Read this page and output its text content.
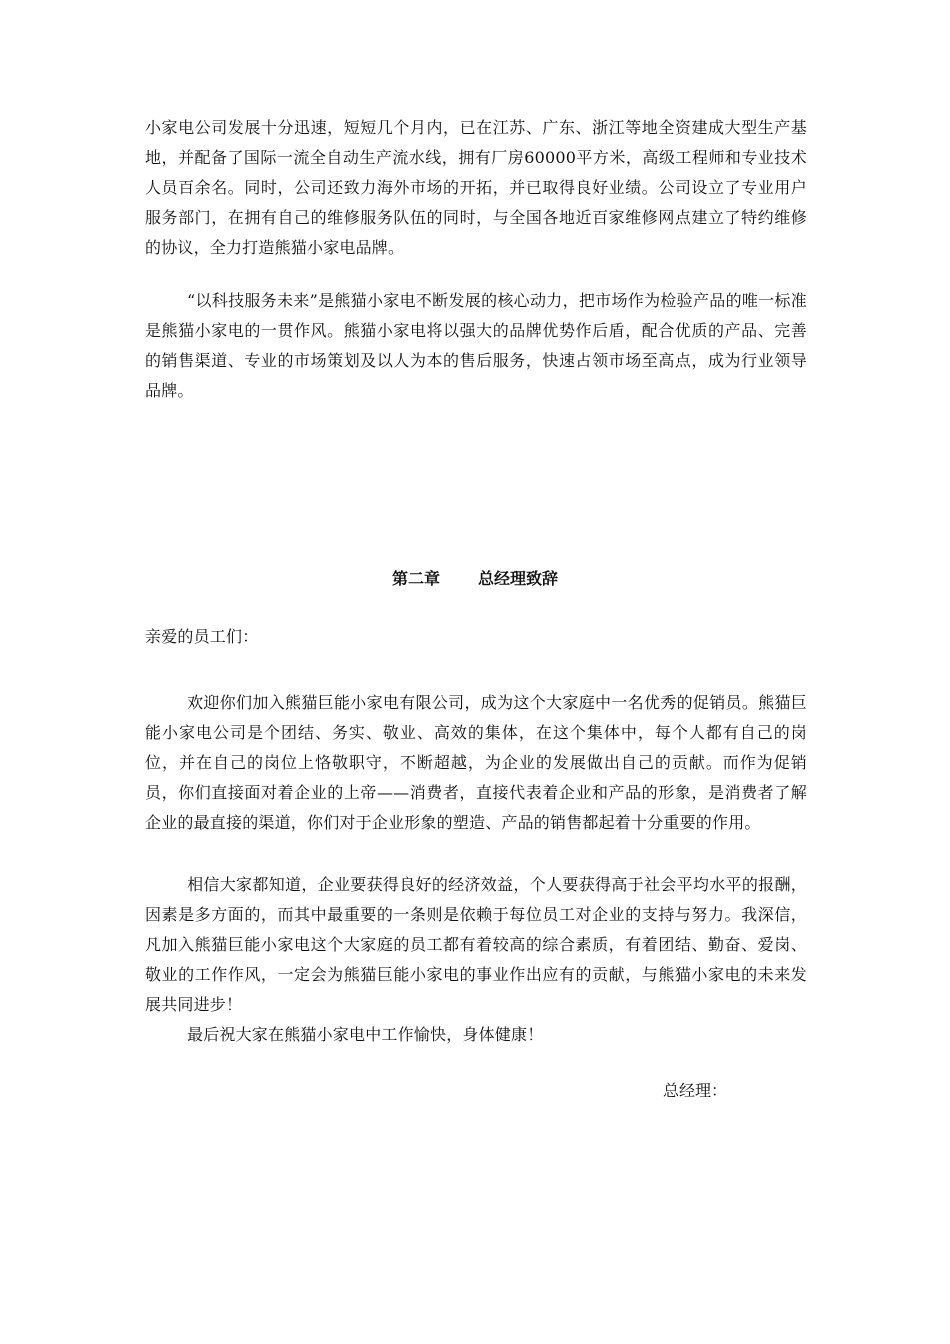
小家电公司发展十分迅速，短短几个月内，已在江苏、广东、浙江等地全资建成大型生产基地，并配备了国际一流全自动生产流水线，拥有厂房60000平方米，高级工程师和专业技术人员百余名。同时，公司还致力海外市场的开拓，并已取得良好业绩。公司设立了专业用户服务部门，在拥有自己的维修服务队伍的同时，与全国各地近百家维修网点建立了特约维修的协议，全力打造熊猫小家电品牌。

“以科技服务未来”是熊猫小家电不断发展的核心动力，把市场作为检验产品的唯一标准是熊猫小家电的一贯作风。熊猫小家电将以强大的品牌优势作后盾，配合优质的产品、完善的销售渠道、专业的市场策划及以人为本的售后服务，快速占领市场至高点，成为行业领导品牌。

第二章 总经理致辞

亲爱的员工们：

欢迎你们加入熊猫巨能小家电有限公司，成为这个大家庭中一名优秀的促销员。熊猫巨能小家电公司是个团结、务实、敬业、高效的集体，在这个集体中，每个人都有自己的岗位，并在自己的岗位上恪敬职守，不断超越，为企业的发展做出自己的贡献。而作为促销员，你们直接面对着企业的上帝——消费者，直接代表着企业和产品的形象，是消费者了解企业的最直接的渠道，你们对于企业形象的塑造、产品的销售都起着十分重要的作用。

相信大家都知道，企业要获得良好的经济效益，个人要获得高于社会平均水平的报酬，因素是多方面的，而其中最重要的一条则是依赖于每位员工对企业的支持与努力。我深信，凡加入熊猫巨能小家电这个大家庭的员工都有着较高的综合素质，有着团结、勤奋、爱岗、敬业的工作作风，一定会为熊猫巨能小家电的事业作出应有的贡献，与熊猫小家电的未来发展共同进步！

最后祝大家在熊猫小家电中工作愉快，身体健康！

总经理：
